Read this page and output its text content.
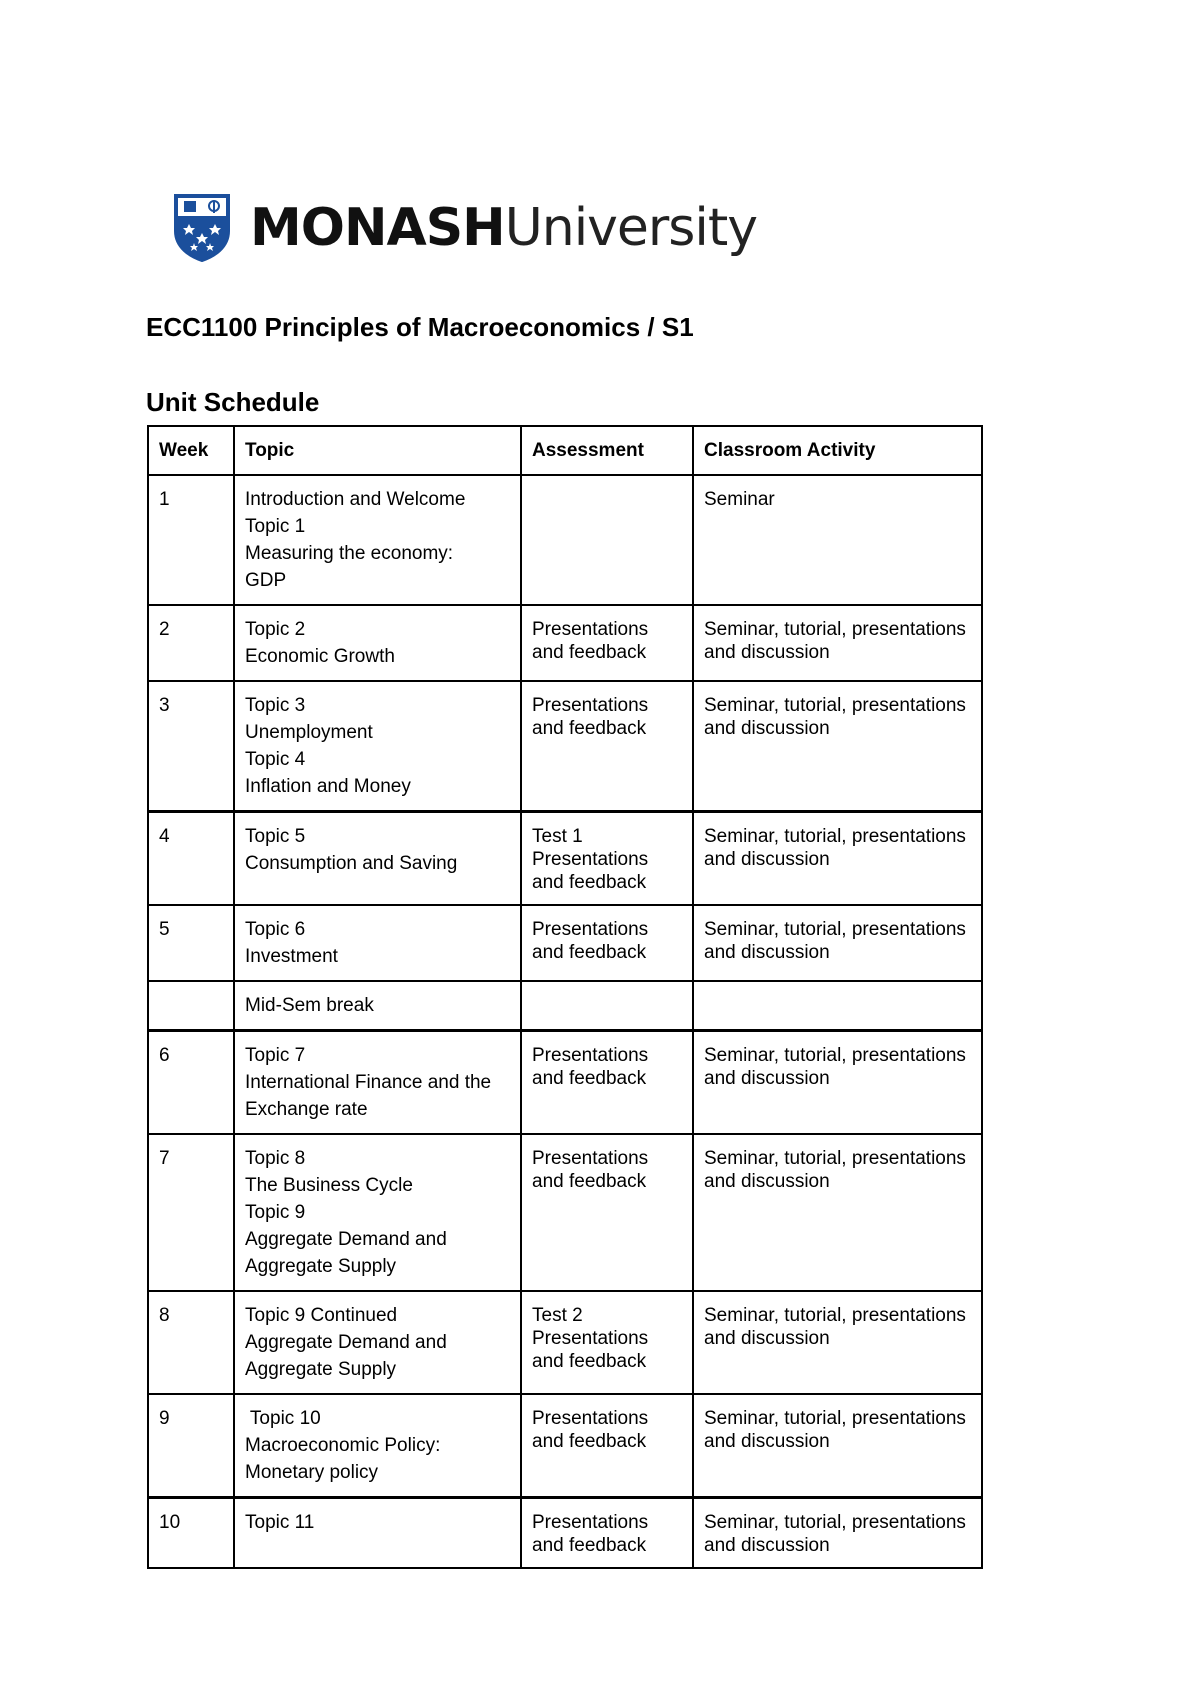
MONASHUniversity
ECC1100 Principles of Macroeconomics / S1
Unit Schedule
Week	Topic	Assessment	Classroom Activity
1	Introduction and Welcome
Topic 1
Measuring the economy:
GDP		Seminar
2	Topic 2
Economic Growth	Presentations and feedback	Seminar, tutorial, presentations and discussion
3	Topic 3
Unemployment
Topic 4
Inflation and Money	Presentations and feedback	Seminar, tutorial, presentations and discussion
4	Topic 5
Consumption and Saving	Test 1
Presentations and feedback	Seminar, tutorial, presentations and discussion
5	Topic 6
Investment	Presentations and feedback	Seminar, tutorial, presentations and discussion

	Mid-Sem break		

6	Topic 7
International Finance and the
Exchange rate	Presentations and feedback	Seminar, tutorial, presentations and discussion
7	Topic 8
The Business Cycle
Topic 9
Aggregate Demand and
Aggregate Supply	Presentations and feedback	Seminar, tutorial, presentations and discussion
8	Topic 9 Continued
Aggregate Demand and
Aggregate Supply	Test 2
Presentations and feedback	Seminar, tutorial, presentations and discussion
9	Topic 10
Macroeconomic Policy:
Monetary policy	Presentations and feedback	Seminar, tutorial, presentations and discussion
10	Topic 11	Presentations and feedback	Seminar, tutorial, presentations and discussion
